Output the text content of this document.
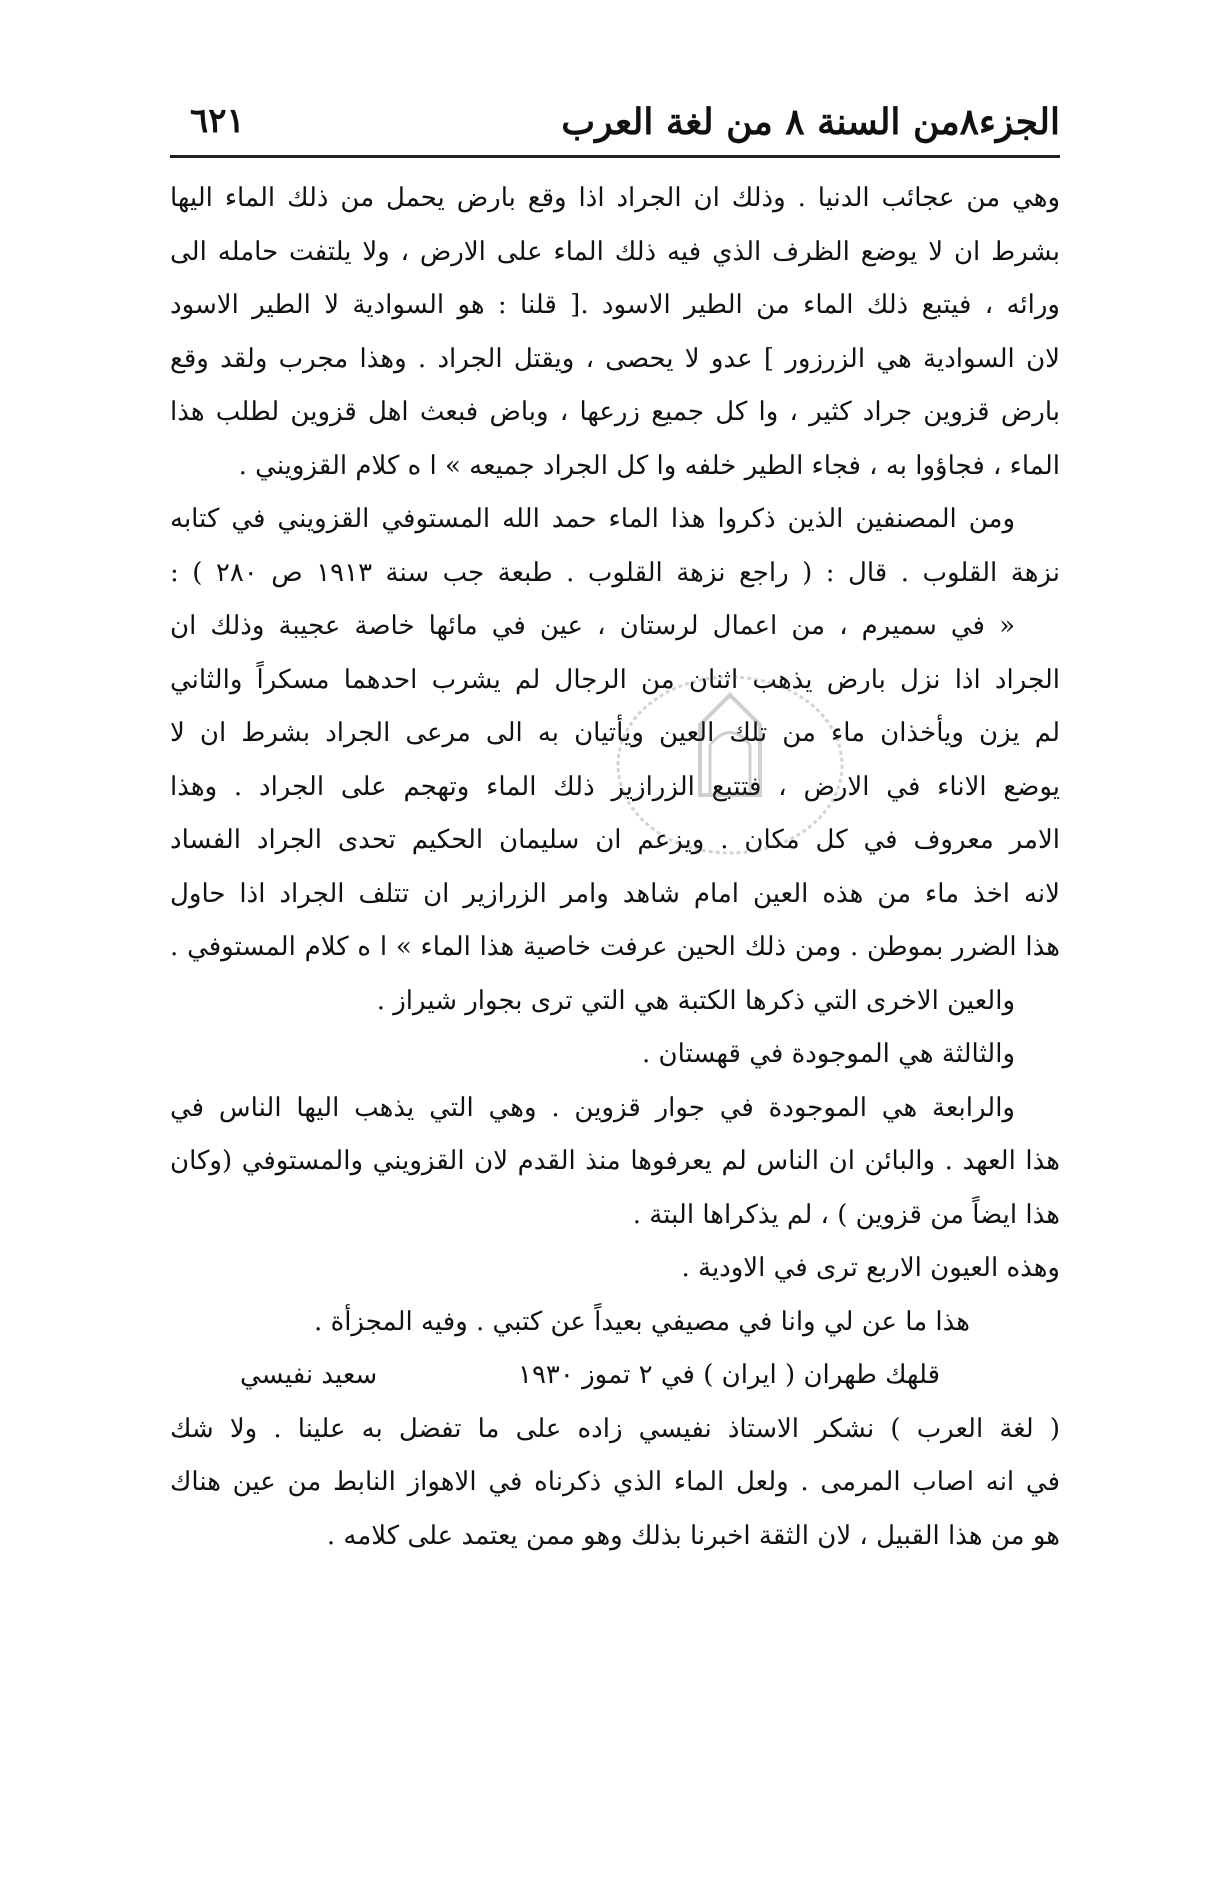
الجزء٨من السنة ٨ من لغة العرب
٦٢١
وهي من عجائب الدنيا . وذلك ان الجراد اذا وقع بارض يحمل من ذلك الماء اليها
بشرط ان لا يوضع الظرف الذي فيه ذلك الماء على الارض ، ولا يلتفت حامله الى
ورائه ، فيتبع ذلك الماء من الطير الاسود .[ قلنا : هو السوادية لا الطير الاسود
لان السوادية هي الزرزور ] عدو لا يحصى ، ويقتل الجراد . وهذا مجرب ولقد وقع
بارض قزوين جراد كثير ، وا كل جميع زرعها ، وباض فبعث اهل قزوين لطلب هذا
الماء ، فجاؤوا به ، فجاء الطير خلفه وا كل الجراد جميعه » ا ه كلام القزويني .
ومن المصنفين الذين ذكروا هذا الماء حمد الله المستوفي القزويني في كتابه
نزهة القلوب . قال : ( راجع نزهة القلوب . طبعة جب سنة ١٩١٣ ص ٢٨٠ ) :
« في سميرم ، من اعمال لرستان ، عين في مائها خاصة عجيبة وذلك ان
الجراد اذا نزل بارض يذهب اثنان من الرجال لم يشرب احدهما مسكراً والثاني
لم يزن ويأخذان ماء من تلك العين ويأتيان به الى مرعى الجراد بشرط ان لا
يوضع الاناء في الارض ، فتتبع الزرازير ذلك الماء وتهجم على الجراد . وهذا
الامر معروف في كل مكان . ويزعم ان سليمان الحكيم تحدى الجراد الفساد
لانه اخذ ماء من هذه العين امام شاهد وامر الزرازير ان تتلف الجراد اذا حاول
هذا الضرر بموطن . ومن ذلك الحين عرفت خاصية هذا الماء » ا ه كلام المستوفي .
والعين الاخرى التي ذكرها الكتبة هي التي ترى بجوار شيراز .
والثالثة هي الموجودة في قهستان .
والرابعة هي الموجودة في جوار قزوين . وهي التي يذهب اليها الناس في
هذا العهد . والبائن ان الناس لم يعرفوها منذ القدم لان القزويني والمستوفي (وكان
هذا ايضاً من قزوين ) ، لم يذكراها البتة .
وهذه العيون الاربع ترى في الاودية .
هذا ما عن لي وانا في مصيفي بعيداً عن كتبي . وفيه المجزأة .
قلهك طهران ( ايران ) في ٢ تموز ١٩٣٠
سعيد نفيسي
( لغة العرب ) نشكر الاستاذ نفيسي زاده على ما تفضل به علينا . ولا شك
في انه اصاب المرمى . ولعل الماء الذي ذكرناه في الاهواز النابط من عين هناك
هو من هذا القبيل ، لان الثقة اخبرنا بذلك وهو ممن يعتمد على كلامه .
